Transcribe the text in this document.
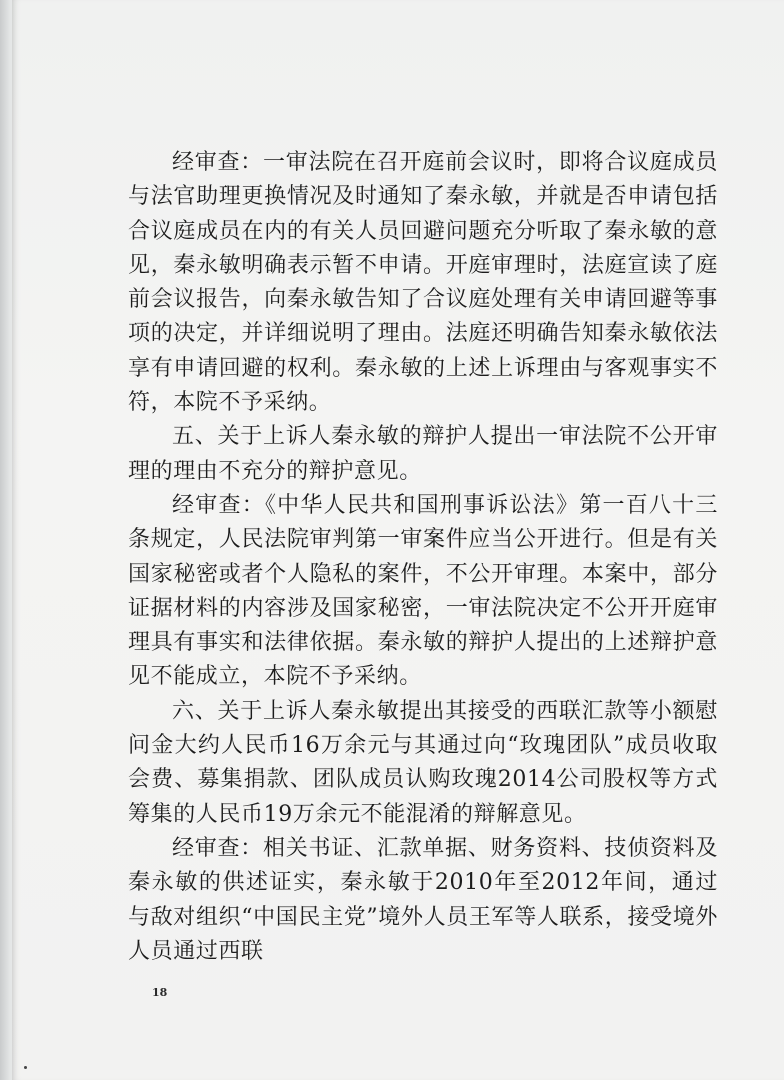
经审查：一审法院在召开庭前会议时，即将合议庭成员与法官助理更换情况及时通知了秦永敏，并就是否申请包括合议庭成员在内的有关人员回避问题充分听取了秦永敏的意见，秦永敏明确表示暂不申请。开庭审理时，法庭宣读了庭前会议报告，向秦永敏告知了合议庭处理有关申请回避等事项的决定，并详细说明了理由。法庭还明确告知秦永敏依法享有申请回避的权利。秦永敏的上述上诉理由与客观事实不符，本院不予采纳。

五、关于上诉人秦永敏的辩护人提出一审法院不公开审理的理由不充分的辩护意见。

经审查：《中华人民共和国刑事诉讼法》第一百八十三条规定，人民法院审判第一审案件应当公开进行。但是有关国家秘密或者个人隐私的案件，不公开审理。本案中，部分证据材料的内容涉及国家秘密，一审法院决定不公开开庭审理具有事实和法律依据。秦永敏的辩护人提出的上述辩护意见不能成立，本院不予采纳。

六、关于上诉人秦永敏提出其接受的西联汇款等小额慰问金大约人民币16万余元与其通过向“玫瑰团队”成员收取会费、募集捐款、团队成员认购玫瑰2014公司股权等方式筹集的人民币19万余元不能混淆的辩解意见。

经审查：相关书证、汇款单据、财务资料、技侦资料及秦永敏的供述证实，秦永敏于2010年至2012年间，通过与敌对组织“中国民主党”境外人员王军等人联系，接受境外人员通过西联

18
